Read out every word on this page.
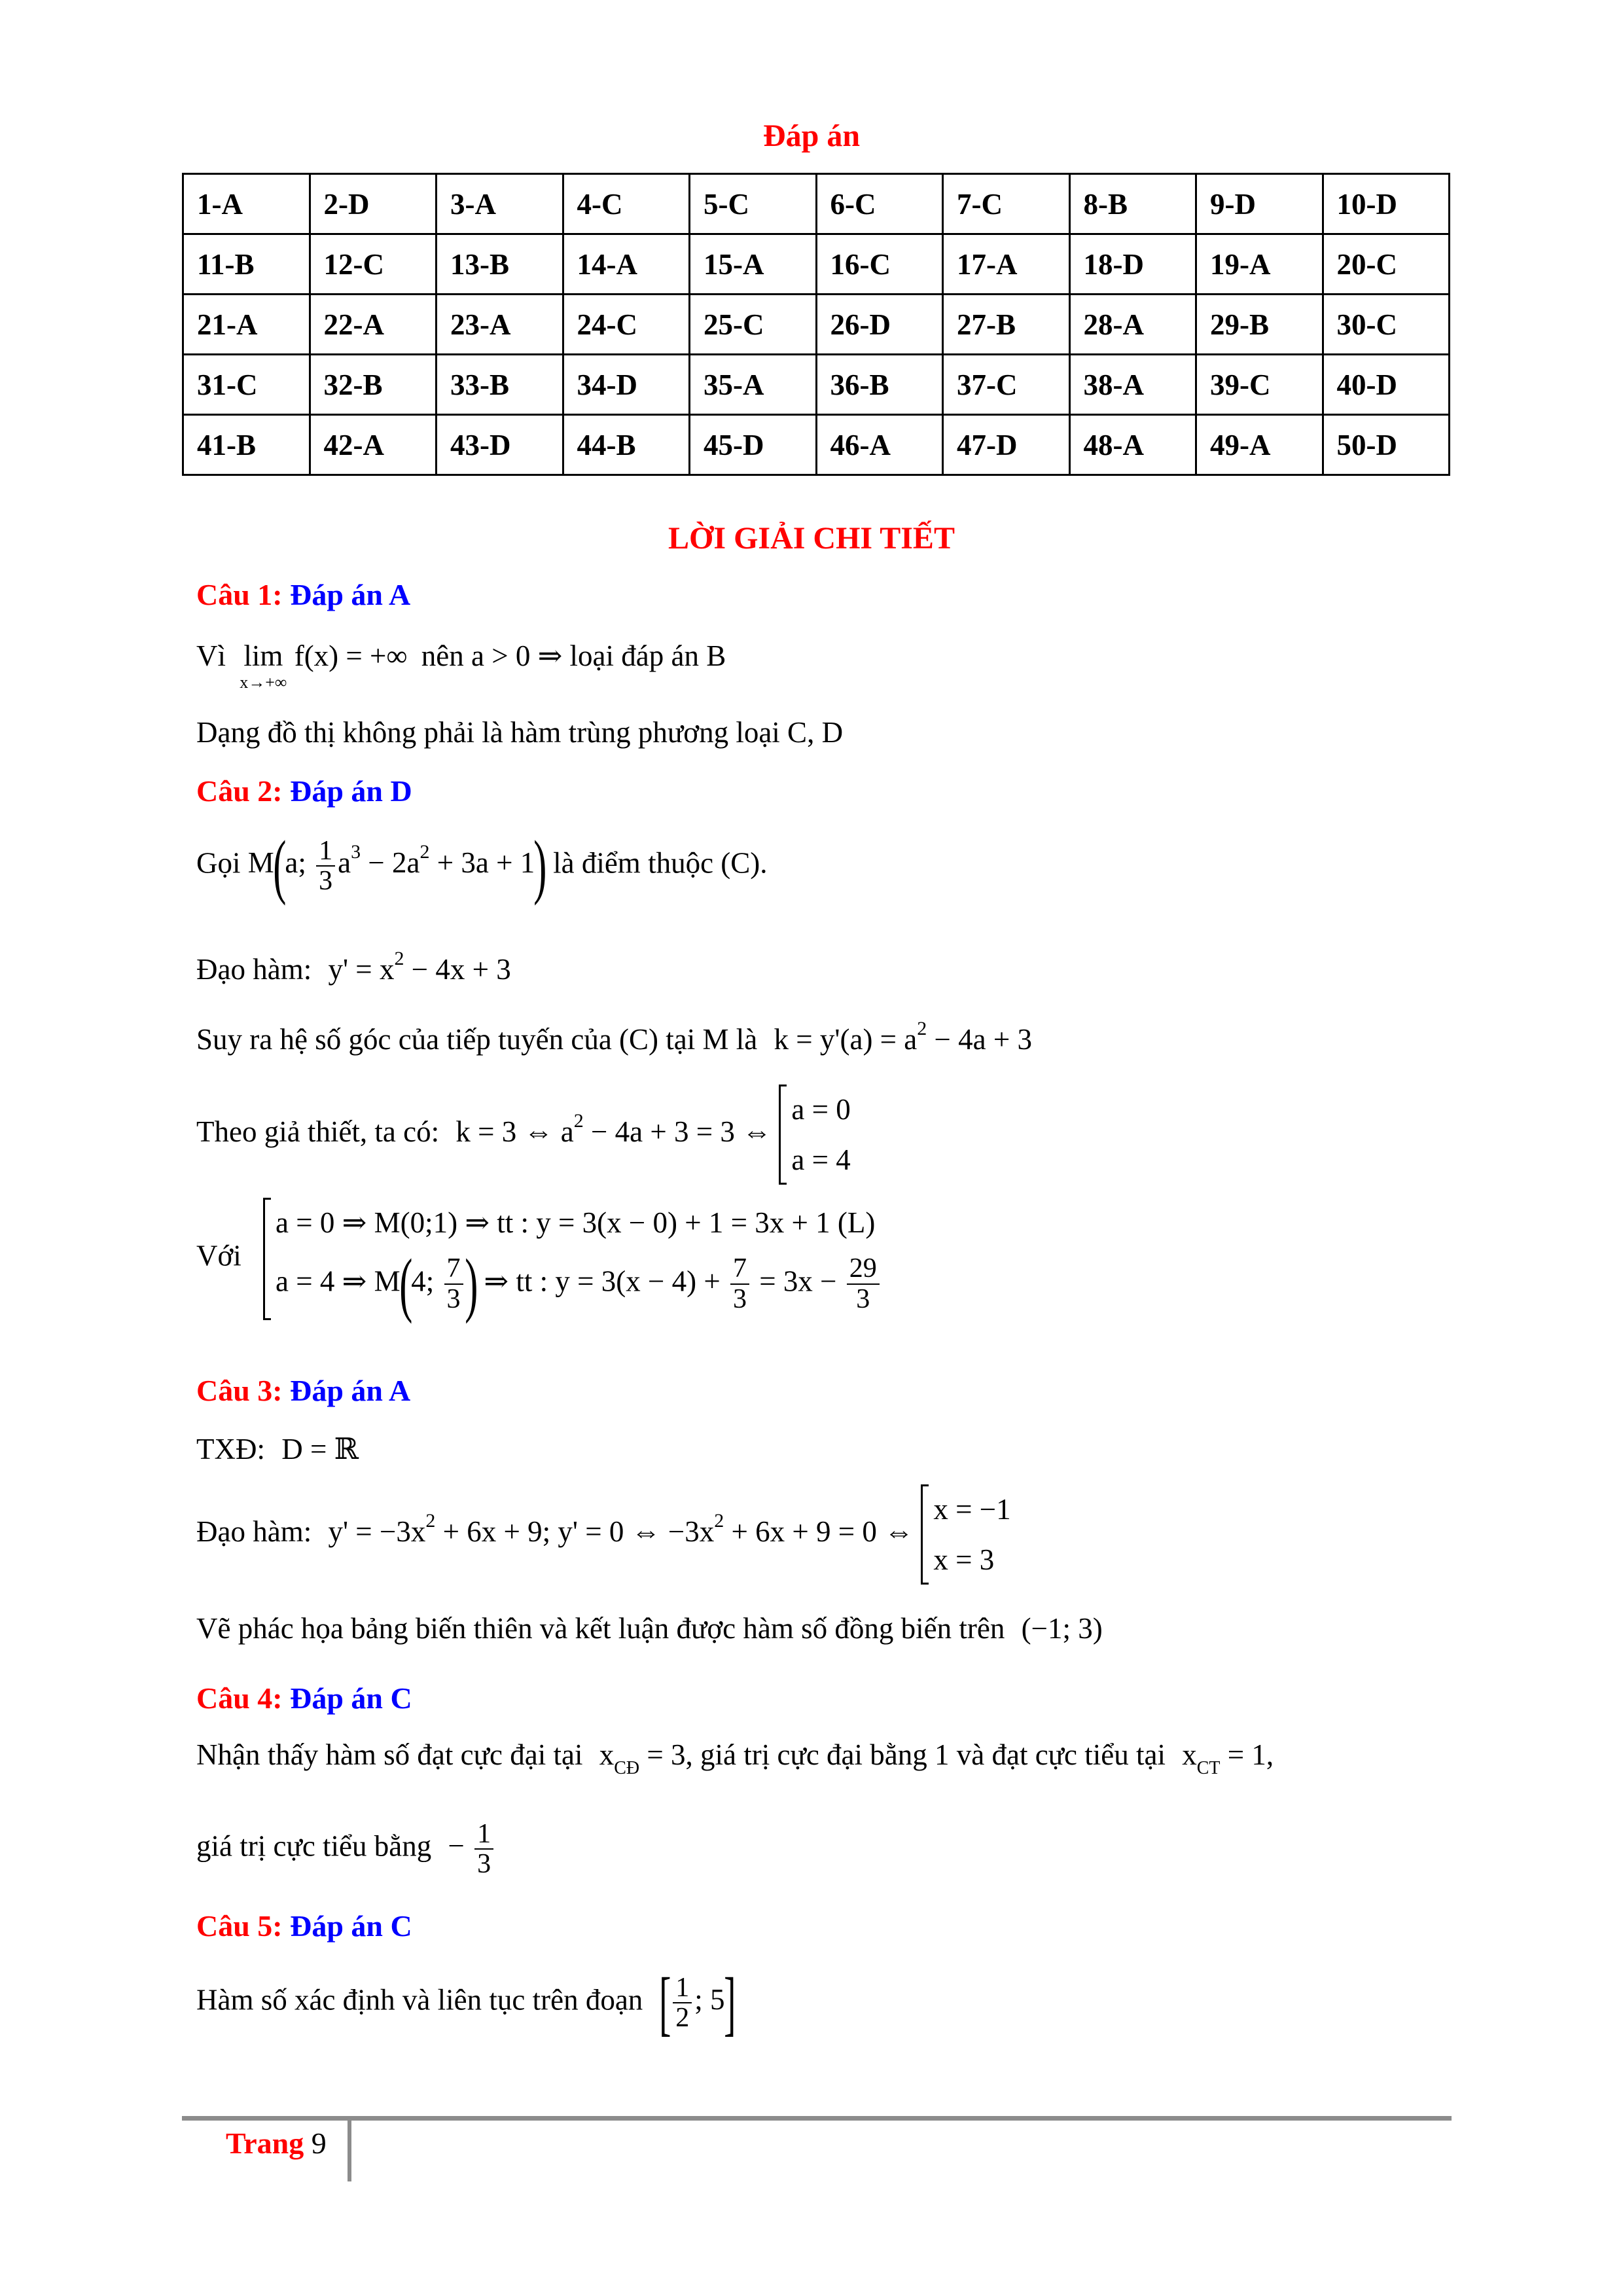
Đáp án
1-A	2-D	3-A	4-C	5-C	6-C	7-C	8-B	9-D	10-D
11-B	12-C	13-B	14-A	15-A	16-C	17-A	18-D	19-A	20-C
21-A	22-A	23-A	24-C	25-C	26-D	27-B	28-A	29-B	30-C
31-C	32-B	33-B	34-D	35-A	36-B	37-C	38-A	39-C	40-D
41-B	42-A	43-D	44-B	45-D	46-A	47-D	48-A	49-A	50-D
LỜI GIẢI CHI TIẾT
Câu 1: Đáp án A
Vì lim
$^{x\to+\infty}$ f(x) = +∞ nên a > 0 ⇒ loại đáp án B
Dạng đồ thị không phải là hàm trùng phương loại C, D
Câu 2: Đáp án D
Gọi M(a; $\frac{1}{3} a^3 - 2a^2 + 3a + 1$) là điểm thuộc (C).
Đạo hàm: $y' = x^2 - 4x + 3$
Suy ra hệ số góc của tiếp tuyến của (C) tại M là $k = y'(a) = a^2 - 4a + 3$
Theo giả thiết, ta có: k = 3 ⇔ $a^2 - 4a + 3 = 3$ ⇔
a = 0
a = 4
Với
a = 0 ⇒ M(0;1) ⇒ tt : y = 3(x − 0) + 1 = 3x + 1 (L)
a = 4 ⇒ M(4; $\frac{7}{3}$ ) ⇒ tt : $y = 3(x - 4) + \frac{7}{3} = 3x - \frac{29}{3}$
Câu 3: Đáp án A
TXĐ: D = ℝ
Đạo hàm: $y' = -3x^2 + 6x + 9$; y' = 0 ⇔ $-3x^2 + 6x + 9 = 0$ ⇔
x = −1
x = 3
Vẽ phác họa bảng biến thiên và kết luận được hàm số đồng biến trên (−1; 3)
Câu 4: Đáp án C
Nhận thấy hàm số đạt cực đại tại $x_{CĐ} = 3$, giá trị cực đại bằng 1 và đạt cực tiểu tại $x_{CT} = 1$,
giá trị cực tiểu bằng − $\frac{1}{3}$
Câu 5: Đáp án C
Hàm số xác định và liên tục trên đoạn [ $\frac{1}{2}$ ; 5]
Trang 9
